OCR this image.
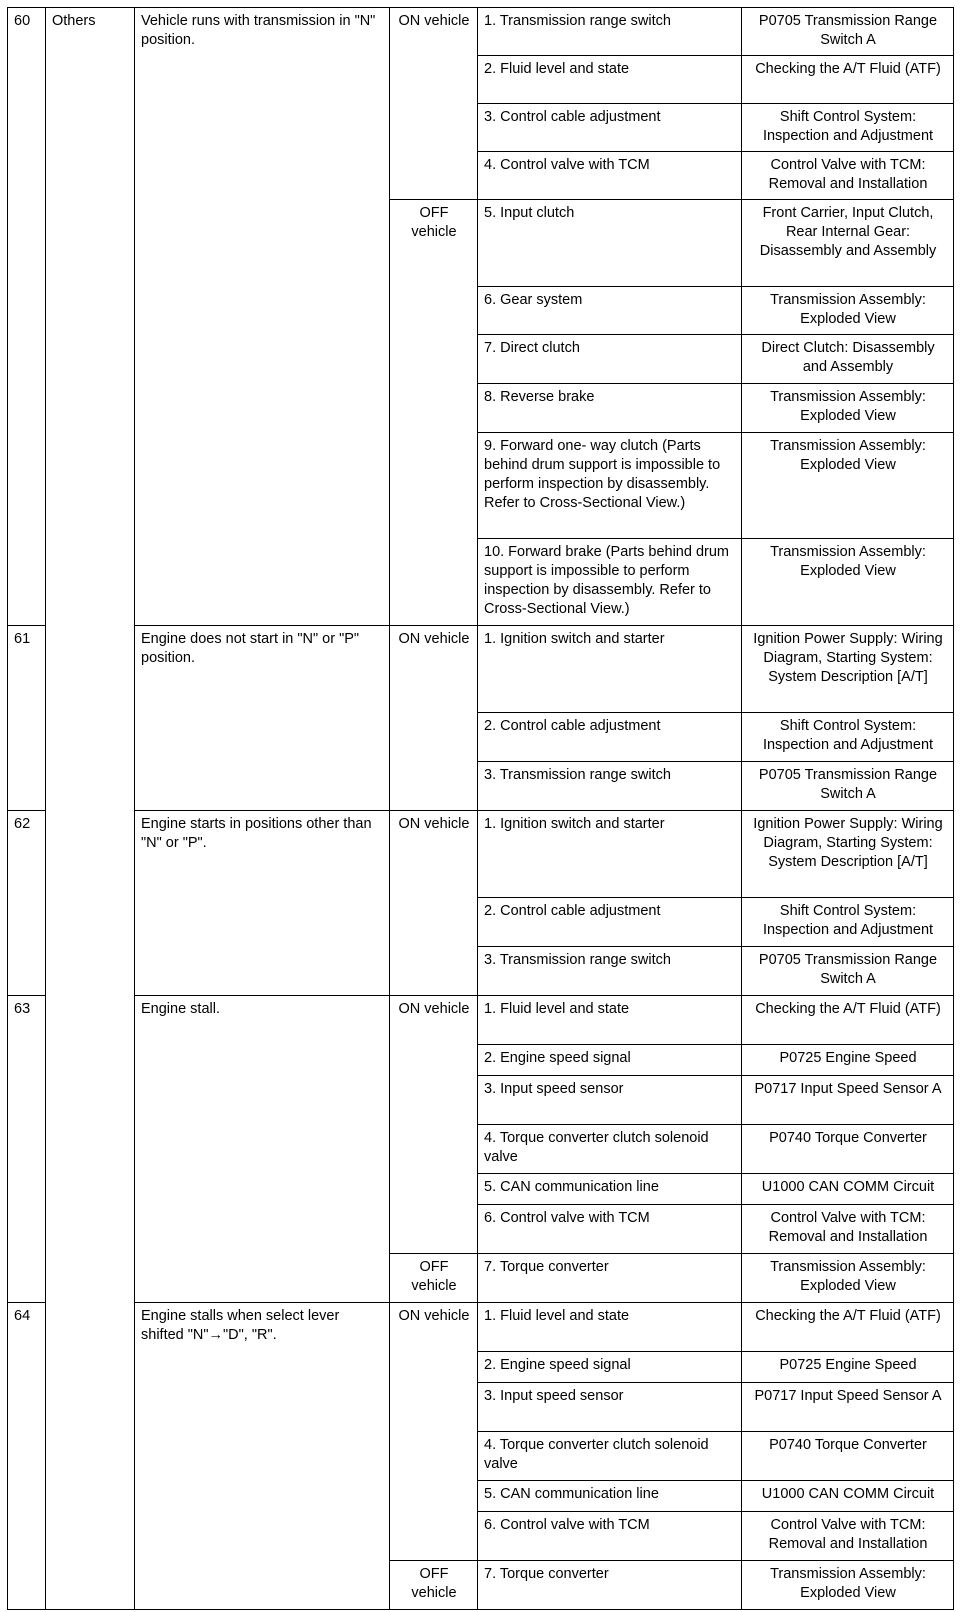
60	Others	Vehicle runs with transmission in "N" position.	ON vehicle	1. Transmission range switch	P0705 Transmission Range Switch A
				2. Fluid level and state	Checking the A/T Fluid (ATF)
				3. Control cable adjustment	Shift Control System: Inspection and Adjustment
				4. Control valve with TCM	Control Valve with TCM: Removal and Installation
			OFF vehicle	5. Input clutch	Front Carrier, Input Clutch, Rear Internal Gear: Disassembly and Assembly
				6. Gear system	Transmission Assembly: Exploded View
				7. Direct clutch	Direct Clutch: Disassembly and Assembly
				8. Reverse brake	Transmission Assembly: Exploded View
				9. Forward one- way clutch (Parts behind drum support is impossible to perform inspection by disassembly. Refer to Cross-Sectional View.)	Transmission Assembly: Exploded View
				10. Forward brake (Parts behind drum support is impossible to perform inspection by disassembly. Refer to Cross-Sectional View.)	Transmission Assembly: Exploded View
61		Engine does not start in "N" or "P" position.	ON vehicle	1. Ignition switch and starter	Ignition Power Supply: Wiring Diagram, Starting System: System Description [A/T]
				2. Control cable adjustment	Shift Control System: Inspection and Adjustment
				3. Transmission range switch	P0705 Transmission Range Switch A
62		Engine starts in positions other than "N" or "P".	ON vehicle	1. Ignition switch and starter	Ignition Power Supply: Wiring Diagram, Starting System: System Description [A/T]
				2. Control cable adjustment	Shift Control System: Inspection and Adjustment
				3. Transmission range switch	P0705 Transmission Range Switch A
63		Engine stall.	ON vehicle	1. Fluid level and state	Checking the A/T Fluid (ATF)
				2. Engine speed signal	P0725 Engine Speed
				3. Input speed sensor	P0717 Input Speed Sensor A
				4. Torque converter clutch solenoid valve	P0740 Torque Converter
				5. CAN communication line	U1000 CAN COMM Circuit
				6. Control valve with TCM	Control Valve with TCM: Removal and Installation
			OFF vehicle	7. Torque converter	Transmission Assembly: Exploded View
64		Engine stalls when select lever shifted "N"→"D", "R".	ON vehicle	1. Fluid level and state	Checking the A/T Fluid (ATF)
				2. Engine speed signal	P0725 Engine Speed
				3. Input speed sensor	P0717 Input Speed Sensor A
				4. Torque converter clutch solenoid valve	P0740 Torque Converter
				5. CAN communication line	U1000 CAN COMM Circuit
				6. Control valve with TCM	Control Valve with TCM: Removal and Installation
			OFF vehicle	7. Torque converter	Transmission Assembly: Exploded View
